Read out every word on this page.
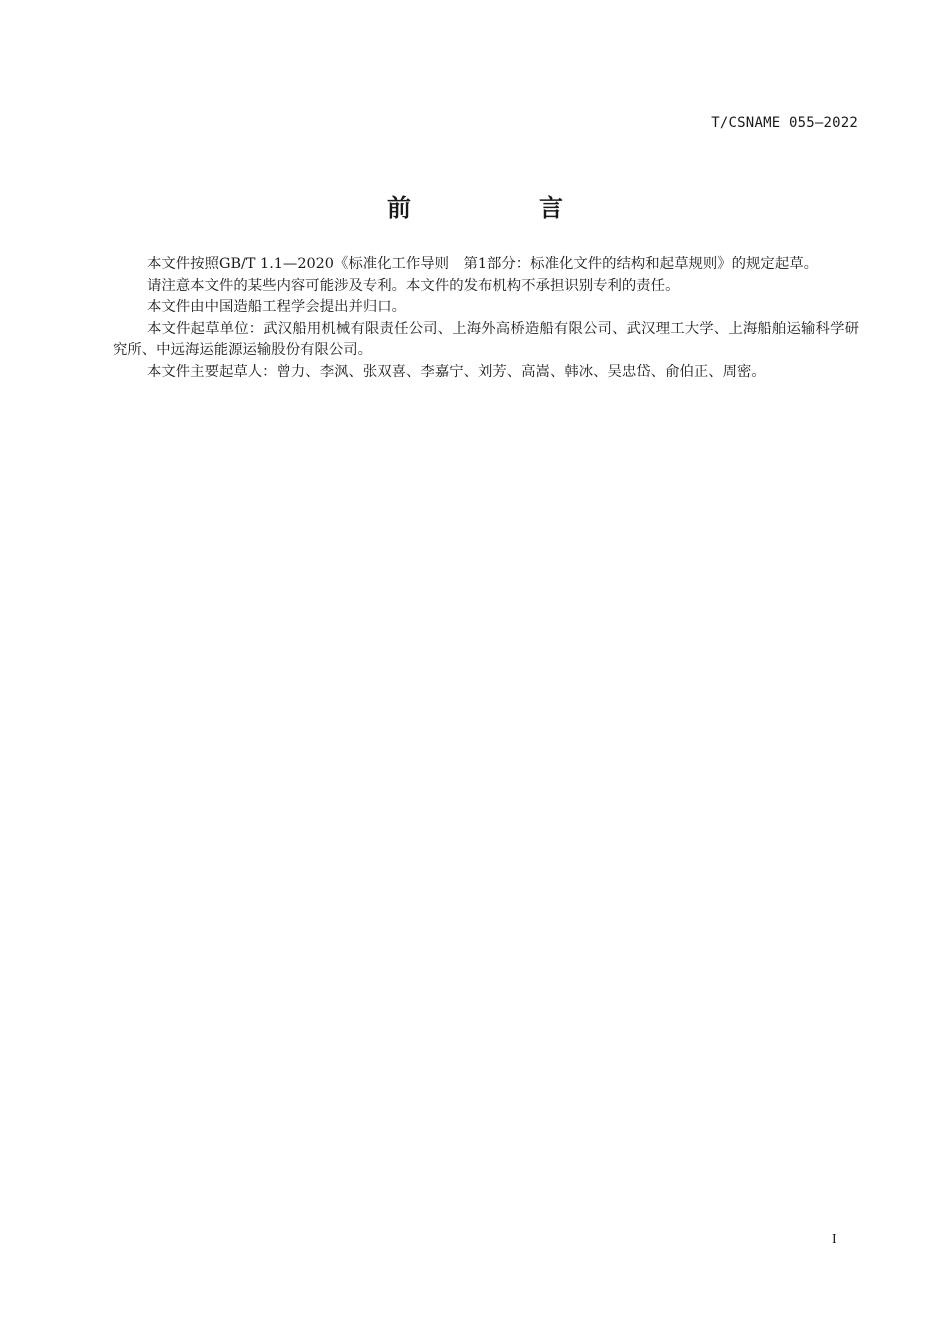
T/CSNAME 055—2022
前　言

本文件按照GB/T 1.1—2020《标准化工作导则　第1部分：标准化文件的结构和起草规则》的规定起草。

请注意本文件的某些内容可能涉及专利。本文件的发布机构不承担识别专利的责任。

本文件由中国造船工程学会提出并归口。

本文件起草单位：武汉船用机械有限责任公司、上海外高桥造船有限公司、武汉理工大学、上海船舶运输科学研究所、中远海运能源运输股份有限公司。

本文件主要起草人：曾力、李沨、张双喜、李嘉宁、刘芳、高嵩、韩冰、吴忠岱、俞伯正、周密。

I
